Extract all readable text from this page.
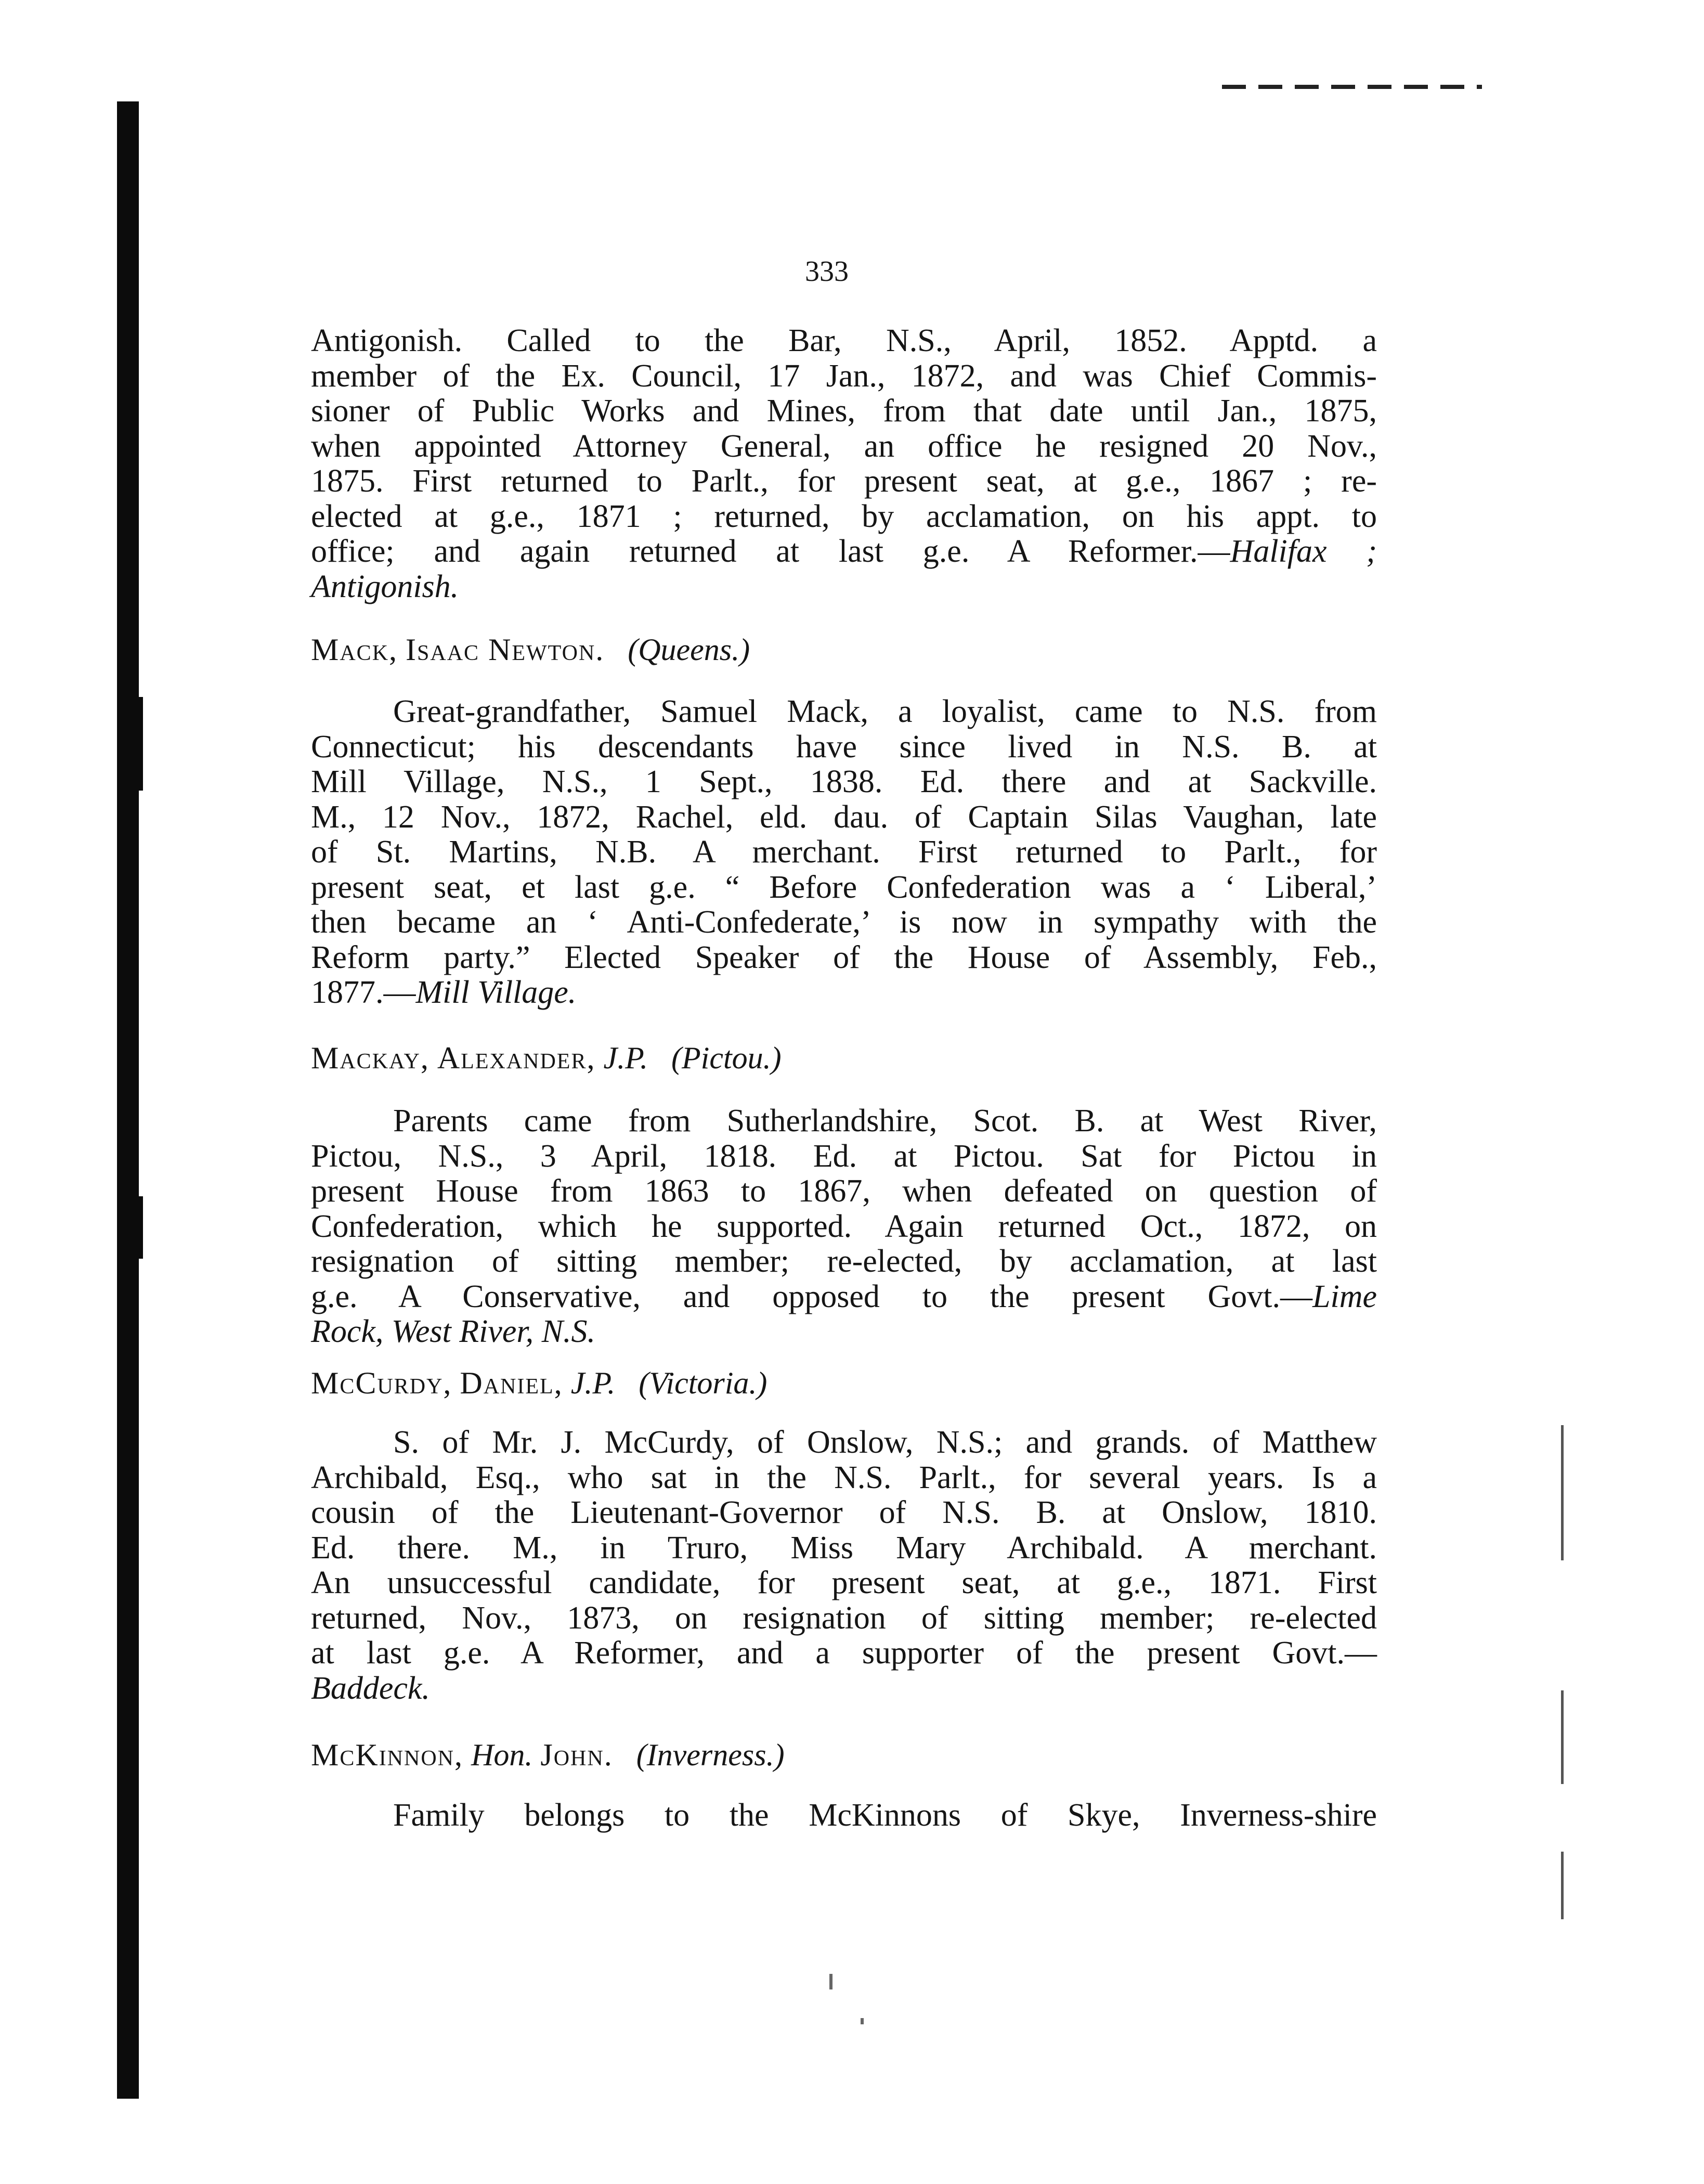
333
Antigonish. Called to the Bar, N.S., April, 1852. Apptd. a
member of the Ex. Council, 17 Jan., 1872, and was Chief Commis-
sioner of Public Works and Mines, from that date until Jan., 1875,
when appointed Attorney General, an office he resigned 20 Nov.,
1875. First returned to Parlt., for present seat, at g.e., 1867 ; re-
elected at g.e., 1871 ; returned, by acclamation, on his appt. to
office; and again returned at last g.e. A Reformer.—Halifax ;
Antigonish.
Mack, Isaac Newton. (Queens.)
Great-grandfather, Samuel Mack, a loyalist, came to N.S. from
Connecticut; his descendants have since lived in N.S. B. at
Mill Village, N.S., 1 Sept., 1838. Ed. there and at Sackville.
M., 12 Nov., 1872, Rachel, eld. dau. of Captain Silas Vaughan, late
of St. Martins, N.B. A merchant. First returned to Parlt., for
present seat, et last g.e. “ Before Confederation was a ‘ Liberal,’
then became an ‘ Anti-Confederate,’ is now in sympathy with the
Reform party.” Elected Speaker of the House of Assembly, Feb.,
1877.—Mill Village.
Mackay, Alexander, J.P. (Pictou.)
Parents came from Sutherlandshire, Scot. B. at West River,
Pictou, N.S., 3 April, 1818. Ed. at Pictou. Sat for Pictou in
present House from 1863 to 1867, when defeated on question of
Confederation, which he supported. Again returned Oct., 1872, on
resignation of sitting member; re-elected, by acclamation, at last
g.e. A Conservative, and opposed to the present Govt.—Lime
Rock, West River, N.S.
McCurdy, Daniel, J.P. (Victoria.)
S. of Mr. J. McCurdy, of Onslow, N.S.; and grands. of Matthew
Archibald, Esq., who sat in the N.S. Parlt., for several years. Is a
cousin of the Lieutenant-Governor of N.S. B. at Onslow, 1810.
Ed. there. M., in Truro, Miss Mary Archibald. A merchant.
An unsuccessful candidate, for present seat, at g.e., 1871. First
returned, Nov., 1873, on resignation of sitting member; re-elected
at last g.e. A Reformer, and a supporter of the present Govt.—
Baddeck.
McKinnon, Hon. John. (Inverness.)
Family belongs to the McKinnons of Skye, Inverness-shire
